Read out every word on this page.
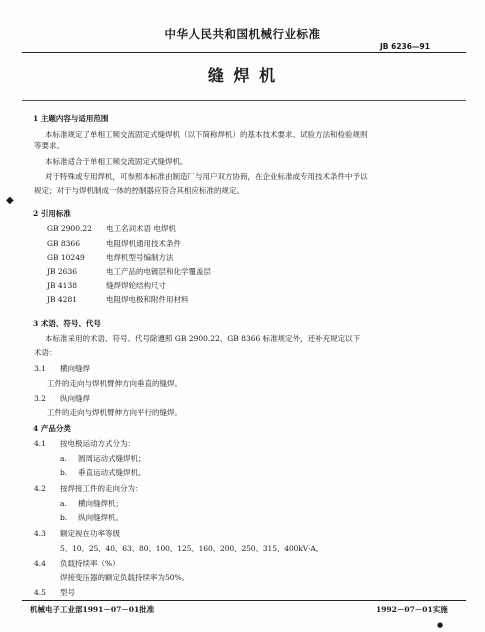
中华人民共和国机械行业标准
JB 6236—91
缝 焊 机
1 主题内容与适用范围
本标准规定了单相工频交流固定式缝焊机（以下简称焊机）的基本技术要求、试验方法和检验规则
等要求。
本标准适合于单相工频交流固定式缝焊机。
对于特殊或专用焊机，可参照本标准由制造厂与用户双方协商，在企业标准或专用技术条件中予以
规定；对于与焊机制成一体的控制器应符合其相应标准的规定。
2 引用标准
GB 2900.22 电工名词术语 电焊机
GB 8366	电阻焊机通用技术条件
GB 10249	电焊机型号编制方法
JB 2636	电工产品的电镀层和化学覆盖层
JB 4138	缝焊焊轮结构尺寸
JB 4281	电阻焊电极和附件用材料
3 术语、符号、代号
本标准采用的术语、符号、代号除遵照 GB 2900.22、GB 8366 标准规定外，还补充规定以下
术语：
3.1 横向缝焊
工件的走向与焊机臂伸方向垂直的缝焊。
3.2 纵向缝焊
工件的走向与焊机臂伸方向平行的缝焊。
4 产品分类
4.1 按电极运动方式分为：
a. 圆周运动式缝焊机；
b. 垂直运动式缝焊机。
4.2 按焊接工件的走向分为：
a. 横向缝焊机；
b. 纵向缝焊机。
4.3 额定视在功率等级
5、10、25、40、63、80、100、125、160、200、250、315、400kV·A。
4.4 负载持续率（%）
焊接变压器的额定负载持续率为50%。
4.5 型号
机械电子工业部1991－07－01批准	1992－07－01实施
◆
●
